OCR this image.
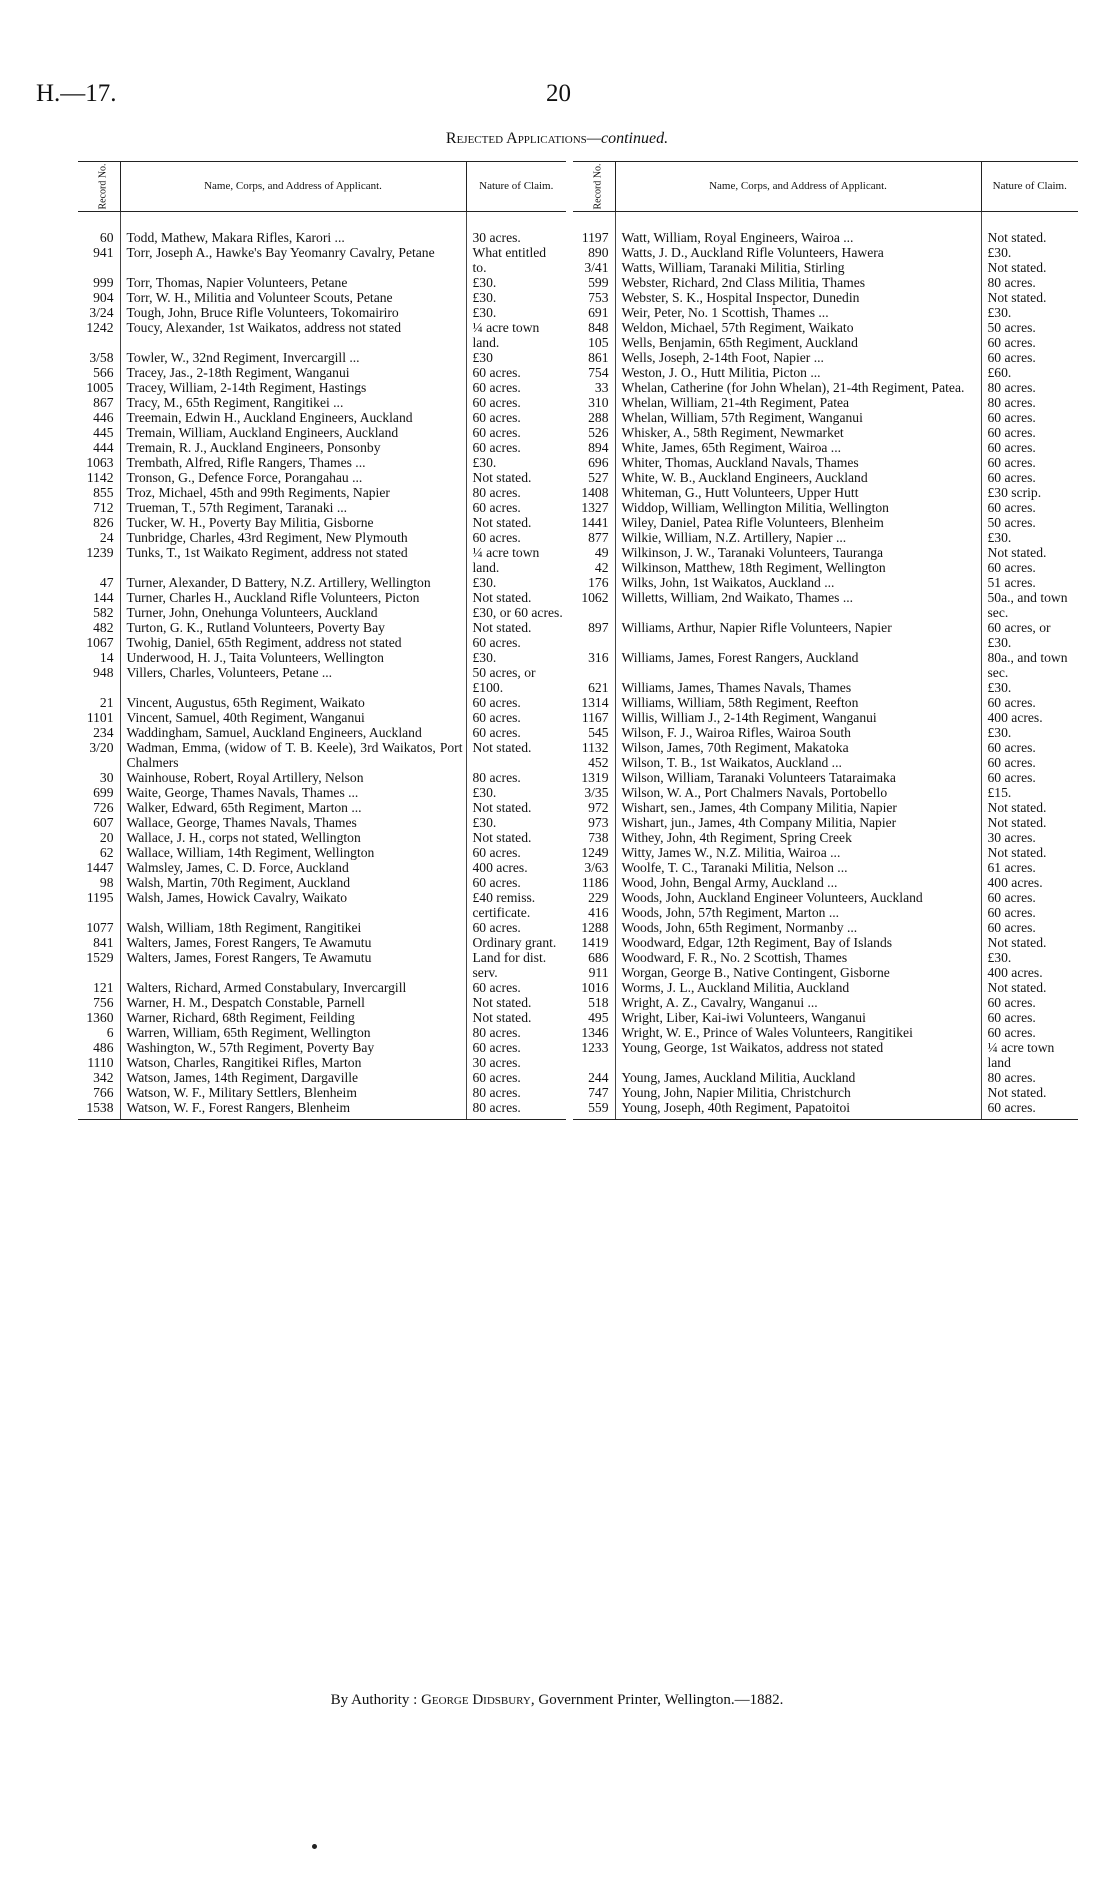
H.—17.	20
Rejected Applications—continued.
Record No.	Name, Corps, and Address of Applicant.	Nature of Claim.
60	Todd, Mathew, Makara Rifles, Karori ...	30 acres.
941	Torr, Joseph A., Hawke's Bay Yeomanry Cavalry, Petane	What entitled to.
999	Torr, Thomas, Napier Volunteers, Petane	£30.
904	Torr, W. H., Militia and Volunteer Scouts, Petane	£30.
3/24	Tough, John, Bruce Rifle Volunteers, Tokomairiro	£30.
1242	Toucy, Alexander, 1st Waikatos, address not stated	¼ acre town land.
3/58	Towler, W., 32nd Regiment, Invercargill ...	£30
566	Tracey, Jas., 2-18th Regiment, Wanganui	60 acres.
1005	Tracey, William, 2-14th Regiment, Hastings	60 acres.
867	Tracy, M., 65th Regiment, Rangitikei ...	60 acres.
446	Treemain, Edwin H., Auckland Engineers, Auckland	60 acres.
445	Tremain, William, Auckland Engineers, Auckland	60 acres.
444	Tremain, R. J., Auckland Engineers, Ponsonby	60 acres.
1063	Trembath, Alfred, Rifle Rangers, Thames ...	£30.
1142	Tronson, G., Defence Force, Porangahau ...	Not stated.
855	Troz, Michael, 45th and 99th Regiments, Napier	80 acres.
712	Trueman, T., 57th Regiment, Taranaki ...	60 acres.
826	Tucker, W. H., Poverty Bay Militia, Gisborne	Not stated.
24	Tunbridge, Charles, 43rd Regiment, New Plymouth	60 acres.
1239	Tunks, T., 1st Waikato Regiment, address not stated	¼ acre town land.
47	Turner, Alexander, D Battery, N.Z. Artillery, Wellington	£30.
144	Turner, Charles H., Auckland Rifle Volunteers, Picton	Not stated.
582	Turner, John, Onehunga Volunteers, Auckland	£30, or 60 acres.
482	Turton, G. K., Rutland Volunteers, Poverty Bay	Not stated.
1067	Twohig, Daniel, 65th Regiment, address not stated	60 acres.
14	Underwood, H. J., Taita Volunteers, Wellington	£30.
948	Villers, Charles, Volunteers, Petane ...	50 acres, or £100.
21	Vincent, Augustus, 65th Regiment, Waikato	60 acres.
1101	Vincent, Samuel, 40th Regiment, Wanganui	60 acres.
234	Waddingham, Samuel, Auckland Engineers, Auckland	60 acres.
3/20	Wadman, Emma, (widow of T. B. Keele), 3rd Waikatos, Port Chalmers	Not stated.
30	Wainhouse, Robert, Royal Artillery, Nelson	80 acres.
699	Waite, George, Thames Navals, Thames ...	£30.
726	Walker, Edward, 65th Regiment, Marton ...	Not stated.
607	Wallace, George, Thames Navals, Thames	£30.
20	Wallace, J. H., corps not stated, Wellington	Not stated.
62	Wallace, William, 14th Regiment, Wellington	60 acres.
1447	Walmsley, James, C. D. Force, Auckland	400 acres.
98	Walsh, Martin, 70th Regiment, Auckland	60 acres.
1195	Walsh, James, Howick Cavalry, Waikato	£40 remiss. certificate.
1077	Walsh, William, 18th Regiment, Rangitikei	60 acres.
841	Walters, James, Forest Rangers, Te Awamutu	Ordinary grant.
1529	Walters, James, Forest Rangers, Te Awamutu	Land for dist. serv.
121	Walters, Richard, Armed Constabulary, Invercargill	60 acres.
756	Warner, H. M., Despatch Constable, Parnell	Not stated.
1360	Warner, Richard, 68th Regiment, Feilding	Not stated.
6	Warren, William, 65th Regiment, Wellington	80 acres.
486	Washington, W., 57th Regiment, Poverty Bay	60 acres.
1110	Watson, Charles, Rangitikei Rifles, Marton	30 acres.
342	Watson, James, 14th Regiment, Dargaville	60 acres.
766	Watson, W. F., Military Settlers, Blenheim	80 acres.
1538	Watson, W. F., Forest Rangers, Blenheim	80 acres.
Record No.	Name, Corps, and Address of Applicant.	Nature of Claim.
1197	Watt, William, Royal Engineers, Wairoa ...	Not stated.
890	Watts, J. D., Auckland Rifle Volunteers, Hawera	£30.
3/41	Watts, William, Taranaki Militia, Stirling	Not stated.
599	Webster, Richard, 2nd Class Militia, Thames	80 acres.
753	Webster, S. K., Hospital Inspector, Dunedin	Not stated.
691	Weir, Peter, No. 1 Scottish, Thames ...	£30.
848	Weldon, Michael, 57th Regiment, Waikato	50 acres.
105	Wells, Benjamin, 65th Regiment, Auckland	60 acres.
861	Wells, Joseph, 2-14th Foot, Napier ...	60 acres.
754	Weston, J. O., Hutt Militia, Picton ...	£60.
33	Whelan, Catherine (for John Whelan), 21-4th Regiment, Patea.	80 acres.
310	Whelan, William, 21-4th Regiment, Patea	80 acres.
288	Whelan, William, 57th Regiment, Wanganui	60 acres.
526	Whisker, A., 58th Regiment, Newmarket	60 acres.
894	White, James, 65th Regiment, Wairoa ...	60 acres.
696	Whiter, Thomas, Auckland Navals, Thames	60 acres.
527	White, W. B., Auckland Engineers, Auckland	60 acres.
1408	Whiteman, G., Hutt Volunteers, Upper Hutt	£30 scrip.
1327	Widdop, William, Wellington Militia, Wellington	60 acres.
1441	Wiley, Daniel, Patea Rifle Volunteers, Blenheim	50 acres.
877	Wilkie, William, N.Z. Artillery, Napier ...	£30.
49	Wilkinson, J. W., Taranaki Volunteers, Tauranga	Not stated.
42	Wilkinson, Matthew, 18th Regiment, Wellington	60 acres.
176	Wilks, John, 1st Waikatos, Auckland ...	51 acres.
1062	Willetts, William, 2nd Waikato, Thames ...	50a., and town sec.
897	Williams, Arthur, Napier Rifle Volunteers, Napier	60 acres, or £30.
316	Williams, James, Forest Rangers, Auckland	80a., and town sec.
621	Williams, James, Thames Navals, Thames	£30.
1314	Williams, William, 58th Regiment, Reefton	60 acres.
1167	Willis, William J., 2-14th Regiment, Wanganui	400 acres.
545	Wilson, F. J., Wairoa Rifles, Wairoa South	£30.
1132	Wilson, James, 70th Regiment, Makatoka	60 acres.
452	Wilson, T. B., 1st Waikatos, Auckland ...	60 acres.
1319	Wilson, William, Taranaki Volunteers Tataraimaka	60 acres.
3/35	Wilson, W. A., Port Chalmers Navals, Portobello	£15.
972	Wishart, sen., James, 4th Company Militia, Napier	Not stated.
973	Wishart, jun., James, 4th Company Militia, Napier	Not stated.
738	Withey, John, 4th Regiment, Spring Creek	30 acres.
1249	Witty, James W., N.Z. Militia, Wairoa ...	Not stated.
3/63	Woolfe, T. C., Taranaki Militia, Nelson ...	61 acres.
1186	Wood, John, Bengal Army, Auckland ...	400 acres.
229	Woods, John, Auckland Engineer Volunteers, Auckland	60 acres.
416	Woods, John, 57th Regiment, Marton ...	60 acres.
1288	Woods, John, 65th Regiment, Normanby ...	60 acres.
1419	Woodward, Edgar, 12th Regiment, Bay of Islands	Not stated.
686	Woodward, F. R., No. 2 Scottish, Thames	£30.
911	Worgan, George B., Native Contingent, Gisborne	400 acres.
1016	Worms, J. L., Auckland Militia, Auckland	Not stated.
518	Wright, A. Z., Cavalry, Wanganui ...	60 acres.
495	Wright, Liber, Kai-iwi Volunteers, Wanganui	60 acres.
1346	Wright, W. E., Prince of Wales Volunteers, Rangitikei	60 acres.
1233	Young, George, 1st Waikatos, address not stated	¼ acre town land
244	Young, James, Auckland Militia, Auckland	80 acres.
747	Young, John, Napier Militia, Christchurch	Not stated.
559	Young, Joseph, 40th Regiment, Papatoitoi	60 acres.
By Authority : George Didsbury, Government Printer, Wellington.—1882.
